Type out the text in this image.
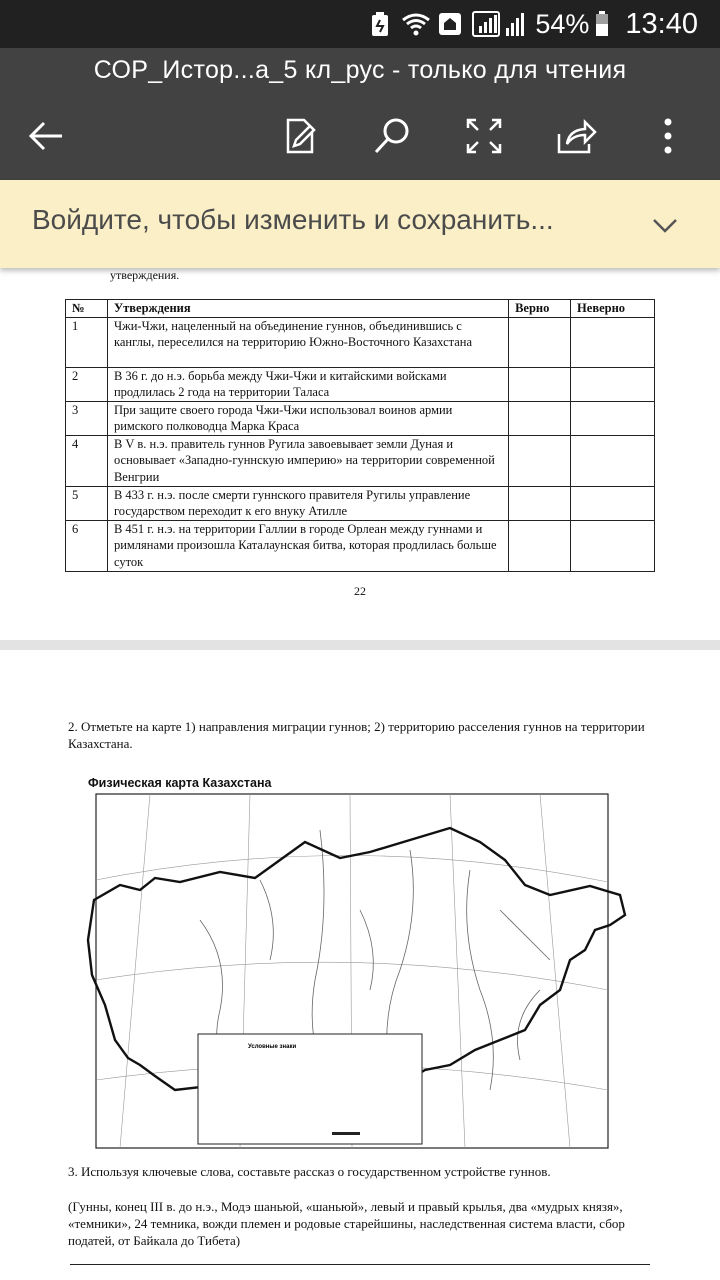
54% 13:40
СОР_Истор...а_5 кл_рус - только для чтения
Войдите, чтобы изменить и сохранить...
утверждения.
№	Утверждения	Верно	Неверно
1	Чжи-Чжи, нацеленный на объединение гуннов, объединившись с канглы, переселился на территорию Южно-Восточного Казахстана		
2	В 36 г. до н.э. борьба между Чжи-Чжи и китайскими войсками продлилась 2 года на территории Таласа		
3	При защите своего города Чжи-Чжи использовал воинов армии римского полководца Марка Краса		
4	В V в. н.э. правитель гуннов Ругила завоевывает земли Дуная и основывает «Западно-гуннскую империю» на территории современной Венгрии		
5	В 433 г. н.э. после смерти гуннского правителя Ругилы управление государством переходит к его внуку Атилле		
6	В 451 г. н.э. на территории Галлии в городе Орлеан между гуннами и римлянами произошла Каталаунская битва, которая продлилась больше суток		
22
2. Отметьте на карте 1) направления миграции гуннов; 2) территорию расселения гуннов на территории Казахстана.
Физическая карта Казахстана
Условные знаки
3. Используя ключевые слова, составьте рассказ о государственном устройстве гуннов.
(Гунны, конец III в. до н.э., Модэ шаньюй, «шаньюй», левый и правый крылья, два «мудрых князя», «темники», 24 темника, вожди племен и родовые старейшины, наследственная система власти, сбор податей, от Байкала до Тибета)
